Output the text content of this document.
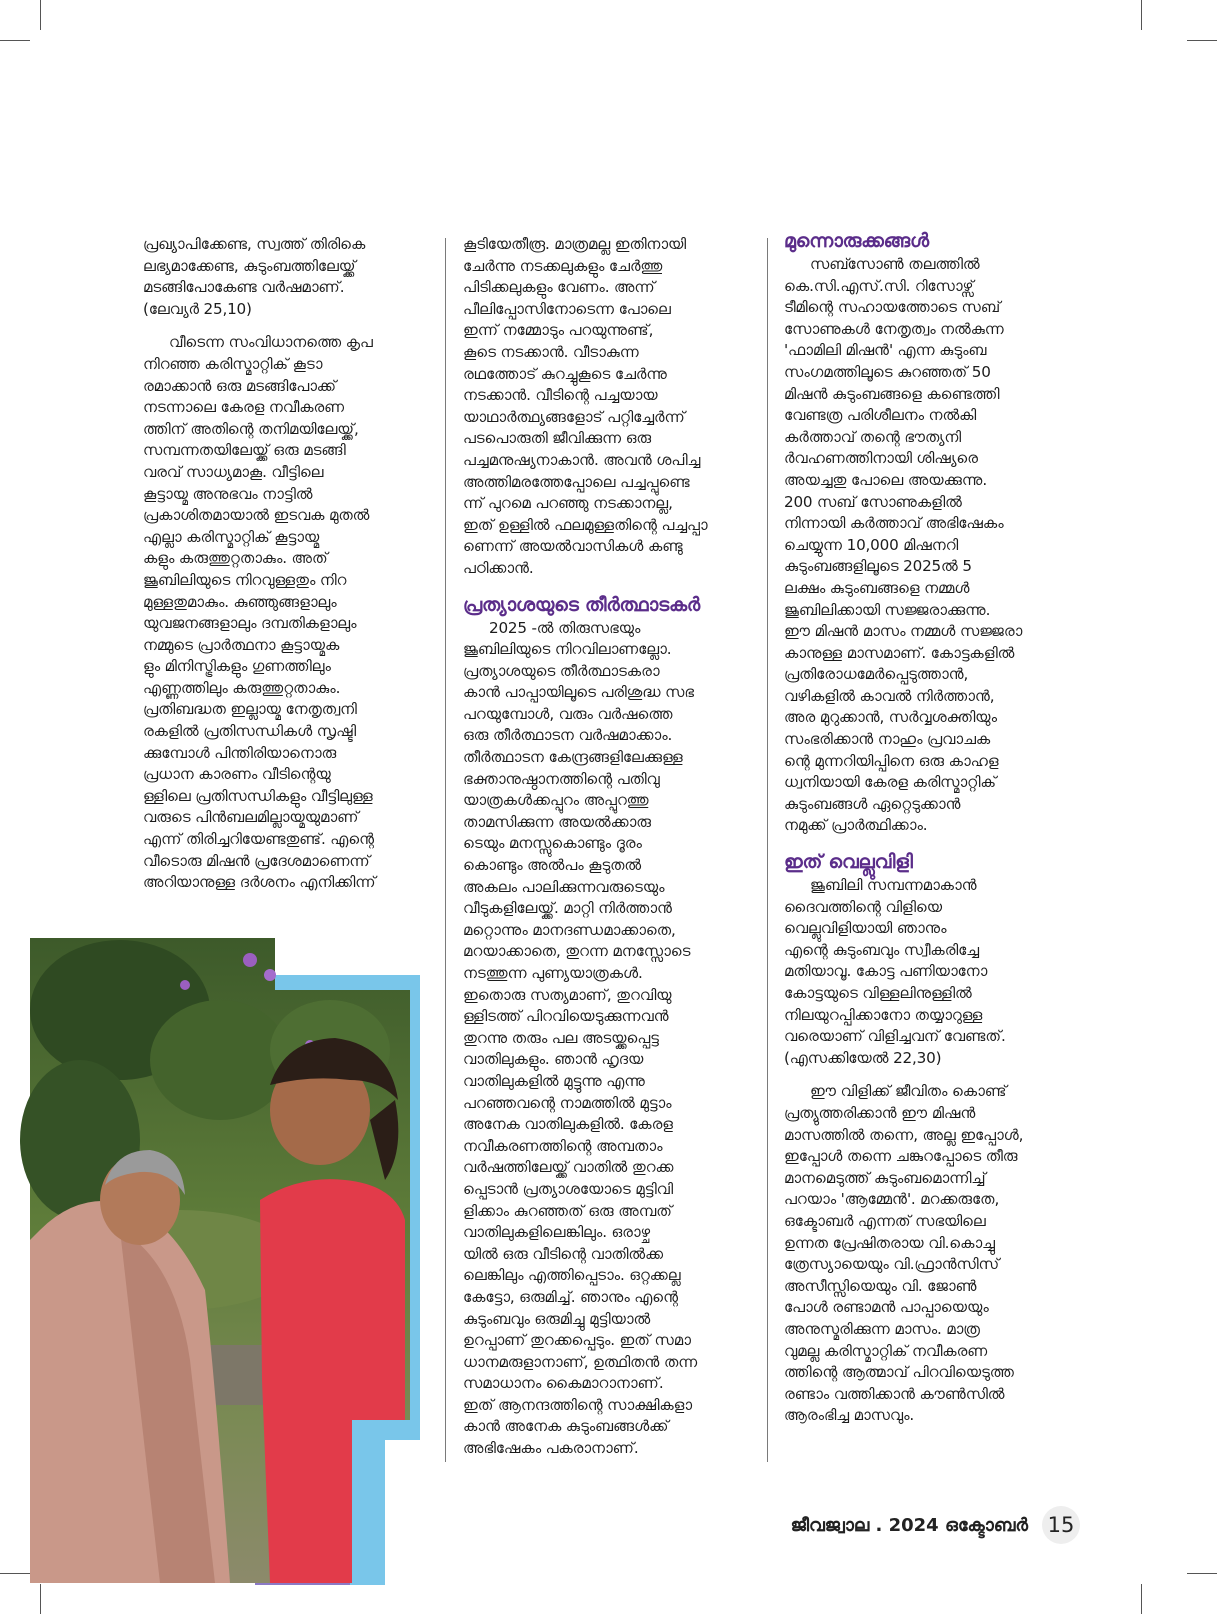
പ്രഖ്യാപിക്കേണ്ട, സ്വത്ത് തിരികെ
ലഭ്യമാക്കേണ്ട, കുടുംബത്തിലേയ്ക്ക്
മടങ്ങിപോകേണ്ട വർഷമാണ്.
(ലേവ്യർ 25,10)

വീടെന്ന സംവിധാനത്തെ കൃപ
നിറഞ്ഞ കരിസ്മാറ്റിക് കൂടാ
രമാക്കാൻ ഒരു മടങ്ങിപോക്ക്
നടന്നാലെ കേരള നവീകരണ
ത്തിന് അതിന്റെ തനിമയിലേയ്ക്ക്,
സമ്പന്നതയിലേയ്ക്ക് ഒരു മടങ്ങി
വരവ് സാധ്യമാകൂ. വീട്ടിലെ
കൂട്ടായ്മ അനുഭവം നാട്ടിൽ
പ്രകാശിതമായാൽ ഇടവക മുതൽ
എല്ലാ കരിസ്മാറ്റിക് കൂട്ടായ്മ
കളും കരുത്തുറ്റതാകും. അത്
ജൂബിലിയുടെ നിറവുള്ളതും നിറ
മുള്ളതുമാകും. കുഞ്ഞുങ്ങളാലും
യുവജനങ്ങളാലും ദമ്പതികളാലും
നമ്മുടെ പ്രാർത്ഥനാ കൂട്ടായ്മക
ളും മിനിസ്ട്രികളും ഗുണത്തിലും
എണ്ണത്തിലും കരുത്തുറ്റതാകും.
പ്രതിബദ്ധത ഇല്ലായ്മ നേതൃത്വനി
രകളിൽ പ്രതിസന്ധികൾ സൃഷ്ടി
ക്കുമ്പോൾ പിന്തിരിയാനൊരു
പ്രധാന കാരണം വീടിന്റെയു
ള്ളിലെ പ്രതിസന്ധികളും വീട്ടിലുള്ള
വരുടെ പിൻബലമില്ലായ്മയുമാണ്
എന്ന് തിരിച്ചറിയേണ്ടതുണ്ട്. എന്റെ
വീടൊരു മിഷൻ പ്രദേശമാണെന്ന്
അറിയാനുള്ള ദർശനം എനിക്കിന്ന്

കൂടിയേതീരൂ. മാത്രമല്ല ഇതിനായി
ചേർന്നു നടക്കലുകളും ചേർത്തു
പിടിക്കലുകളും വേണം. അന്ന്
പീലിപ്പോസിനോടെന്ന പോലെ
ഇന്ന് നമ്മോടും പറയുന്നുണ്ട്,
കൂടെ നടക്കാൻ. വീടാകുന്ന
രഥത്തോട് കുറച്ചുകൂടെ ചേർന്നു
നടക്കാൻ. വീടിന്റെ പച്ചയായ
യാഥാർത്ഥ്യങ്ങളോട് പറ്റിച്ചേർന്ന്
പടപൊരുതി ജീവിക്കുന്ന ഒരു
പച്ചമനുഷ്യനാകാൻ. അവൻ ശപിച്ച
അത്തിമരത്തേപ്പോലെ പച്ചപ്പുണ്ടെ
ന്ന് പുറമെ പറഞ്ഞു നടക്കാനല്ല,
ഇത് ഉള്ളിൽ ഫലമുള്ളതിന്റെ പച്ചപ്പാ
ണെന്ന് അയൽവാസികൾ കണ്ടു
പഠിക്കാൻ.

പ്രത്യാശയുടെ തീർത്ഥാടകർ

2025 -ൽ തിരുസഭയും
ജൂബിലിയുടെ നിറവിലാണല്ലോ.
പ്രത്യാശയുടെ തീർത്ഥാടകരാ
കാൻ പാപ്പായിലൂടെ പരിശുദ്ധ സഭ
പറയുമ്പോൾ, വരും വർഷത്തെ
ഒരു തീർത്ഥാടന വർഷമാക്കാം.
തീർത്ഥാടന കേന്ദ്രങ്ങളിലേക്കുള്ള
ഭക്താനുഷ്ഠാനത്തിന്റെ പതിവു
യാത്രകൾക്കപ്പുറം അപ്പുറത്തു
താമസിക്കുന്ന അയൽക്കാരു
ടെയും മനസ്സുകൊണ്ടും ദൂരം
കൊണ്ടും അൽപം കൂടുതൽ
അകലം പാലിക്കുന്നവരുടെയും
വീടുകളിലേയ്ക്ക്. മാറ്റി നിർത്താൻ
മറ്റൊന്നും മാനദണ്ഡമാക്കാതെ,
മറയാക്കാതെ, തുറന്ന മനസ്സോടെ
നടത്തുന്ന പുണ്യയാത്രകൾ.
ഇതൊരു സത്യമാണ്, തുറവിയു
ള്ളിടത്ത് പിറവിയെടുക്കുന്നവൻ
തുറന്നു തരും പല അടയ്ക്കപ്പെട്ട
വാതിലുകളും. ഞാൻ ഹൃദയ
വാതിലുകളിൽ മുട്ടുന്നു എന്നു
പറഞ്ഞവന്റെ നാമത്തിൽ മുട്ടാം
അനേക വാതിലുകളിൽ. കേരള
നവീകരണത്തിന്റെ അമ്പതാം
വർഷത്തിലേയ്ക്ക് വാതിൽ തുറക്ക
പ്പെടാൻ പ്രത്യാശയോടെ മുട്ടിവി
ളിക്കാം കുറഞ്ഞത് ഒരു അമ്പത്
വാതിലുകളിലെങ്കിലും. ഒരാഴ്ച
യിൽ ഒരു വീടിന്റെ വാതിൽക്ക
ലെങ്കിലും എത്തിപ്പെടാം. ഒറ്റക്കല്ല
കേട്ടോ, ഒരുമിച്ച്. ഞാനും എന്റെ
കുടുംബവും ഒരുമിച്ചു മുട്ടിയാൽ
ഉറപ്പാണ് തുറക്കപ്പെടും. ഇത് സമാ
ധാനമരുളാനാണ്, ഉത്ഥിതൻ തന്ന
സമാധാനം കൈമാറാനാണ്.
ഇത് ആനന്ദത്തിന്റെ സാക്ഷികളാ
കാൻ അനേക കുടുംബങ്ങൾക്ക്
അഭിഷേകം പകരാനാണ്.

മുന്നൊരുക്കങ്ങൾ

സബ്സോൺ തലത്തിൽ
കെ.സി.എസ്.സി. റിസോഴ്സ്
ടീമിന്റെ സഹായത്തോടെ സബ്
സോണുകൾ നേതൃത്വം നൽകുന്ന
'ഫാമിലി മിഷൻ' എന്ന കുടുംബ
സംഗമത്തിലൂടെ കുറഞ്ഞത് 50
മിഷൻ കുടുംബങ്ങളെ കണ്ടെത്തി
വേണ്ടത്ര പരിശീലനം നൽകി
കർത്താവ് തന്റെ ഭൗത്യനി
ർവഹണത്തിനായി ശിഷ്യരെ
അയച്ചതു പോലെ അയക്കുന്നു.
200 സബ് സോണുകളിൽ
നിന്നായി കർത്താവ് അഭിഷേകം
ചെയ്യുന്ന 10,000 മിഷനറി
കുടുംബങ്ങളിലൂടെ 2025ൽ 5
ലക്ഷം കുടുംബങ്ങളെ നമ്മൾ
ജൂബിലിക്കായി സജ്ജരാക്കുന്നു.
ഈ മിഷൻ മാസം നമ്മൾ സജ്ജരാ
കാനുള്ള മാസമാണ്. കോട്ടകളിൽ
പ്രതിരോധമേർപ്പെടുത്താൻ,
വഴികളിൽ കാവൽ നിർത്താൻ,
അര മുറുക്കാൻ, സർവ്വശക്തിയും
സംഭരിക്കാൻ നാഹും പ്രവാചക
ന്റെ മുന്നറിയിപ്പിനെ ഒരു കാഹള
ധ്വനിയായി കേരള കരിസ്മാറ്റിക്
കുടുംബങ്ങൾ ഏറ്റെടുക്കാൻ
നമുക്ക് പ്രാർത്ഥിക്കാം.

ഇത് വെല്ലുവിളി

ജൂബിലി സമ്പന്നമാകാൻ
ദൈവത്തിന്റെ വിളിയെ
വെല്ലുവിളിയായി ഞാനും
എന്റെ കുടുംബവും സ്വീകരിച്ചേ
മതിയാവൂ. കോട്ട പണിയാനോ
കോട്ടയുടെ വിള്ളലിനുള്ളിൽ
നിലയുറപ്പിക്കാനോ തയ്യാറുള്ള
വരെയാണ് വിളിച്ചവന് വേണ്ടത്.
(എസക്കിയേൽ 22,30)

ഈ വിളിക്ക് ജീവിതം കൊണ്ട്
പ്രത്യുത്തരിക്കാൻ ഈ മിഷൻ
മാസത്തിൽ തന്നെ, അല്ല ഇപ്പോൾ,
ഇപ്പോൾ തന്നെ ചങ്കുറപ്പോടെ തീരു
മാനമെടുത്ത് കുടുംബമൊന്നിച്ച്
പറയാം 'ആമ്മേൻ'. മറക്കരുതേ,
ഒക്ടോബർ എന്നത് സഭയിലെ
ഉന്നത പ്രേഷിതരായ വി.കൊച്ചു
ത്രേസ്യായെയും വി.ഫ്രാൻസിസ്
അസീസ്സിയെയും വി. ജോൺ
പോൾ രണ്ടാമൻ പാപ്പായെയും
അനുസ്മരിക്കുന്ന മാസം. മാത്ര
വുമല്ല കരിസ്മാറ്റിക് നവീകരണ
ത്തിന്റെ ആത്മാവ് പിറവിയെടുത്ത
രണ്ടാം വത്തിക്കാൻ കൗൺസിൽ
ആരംഭിച്ച മാസവും.

ജീവജ്വാല . 2024 ഒക്ടോബർ 15
